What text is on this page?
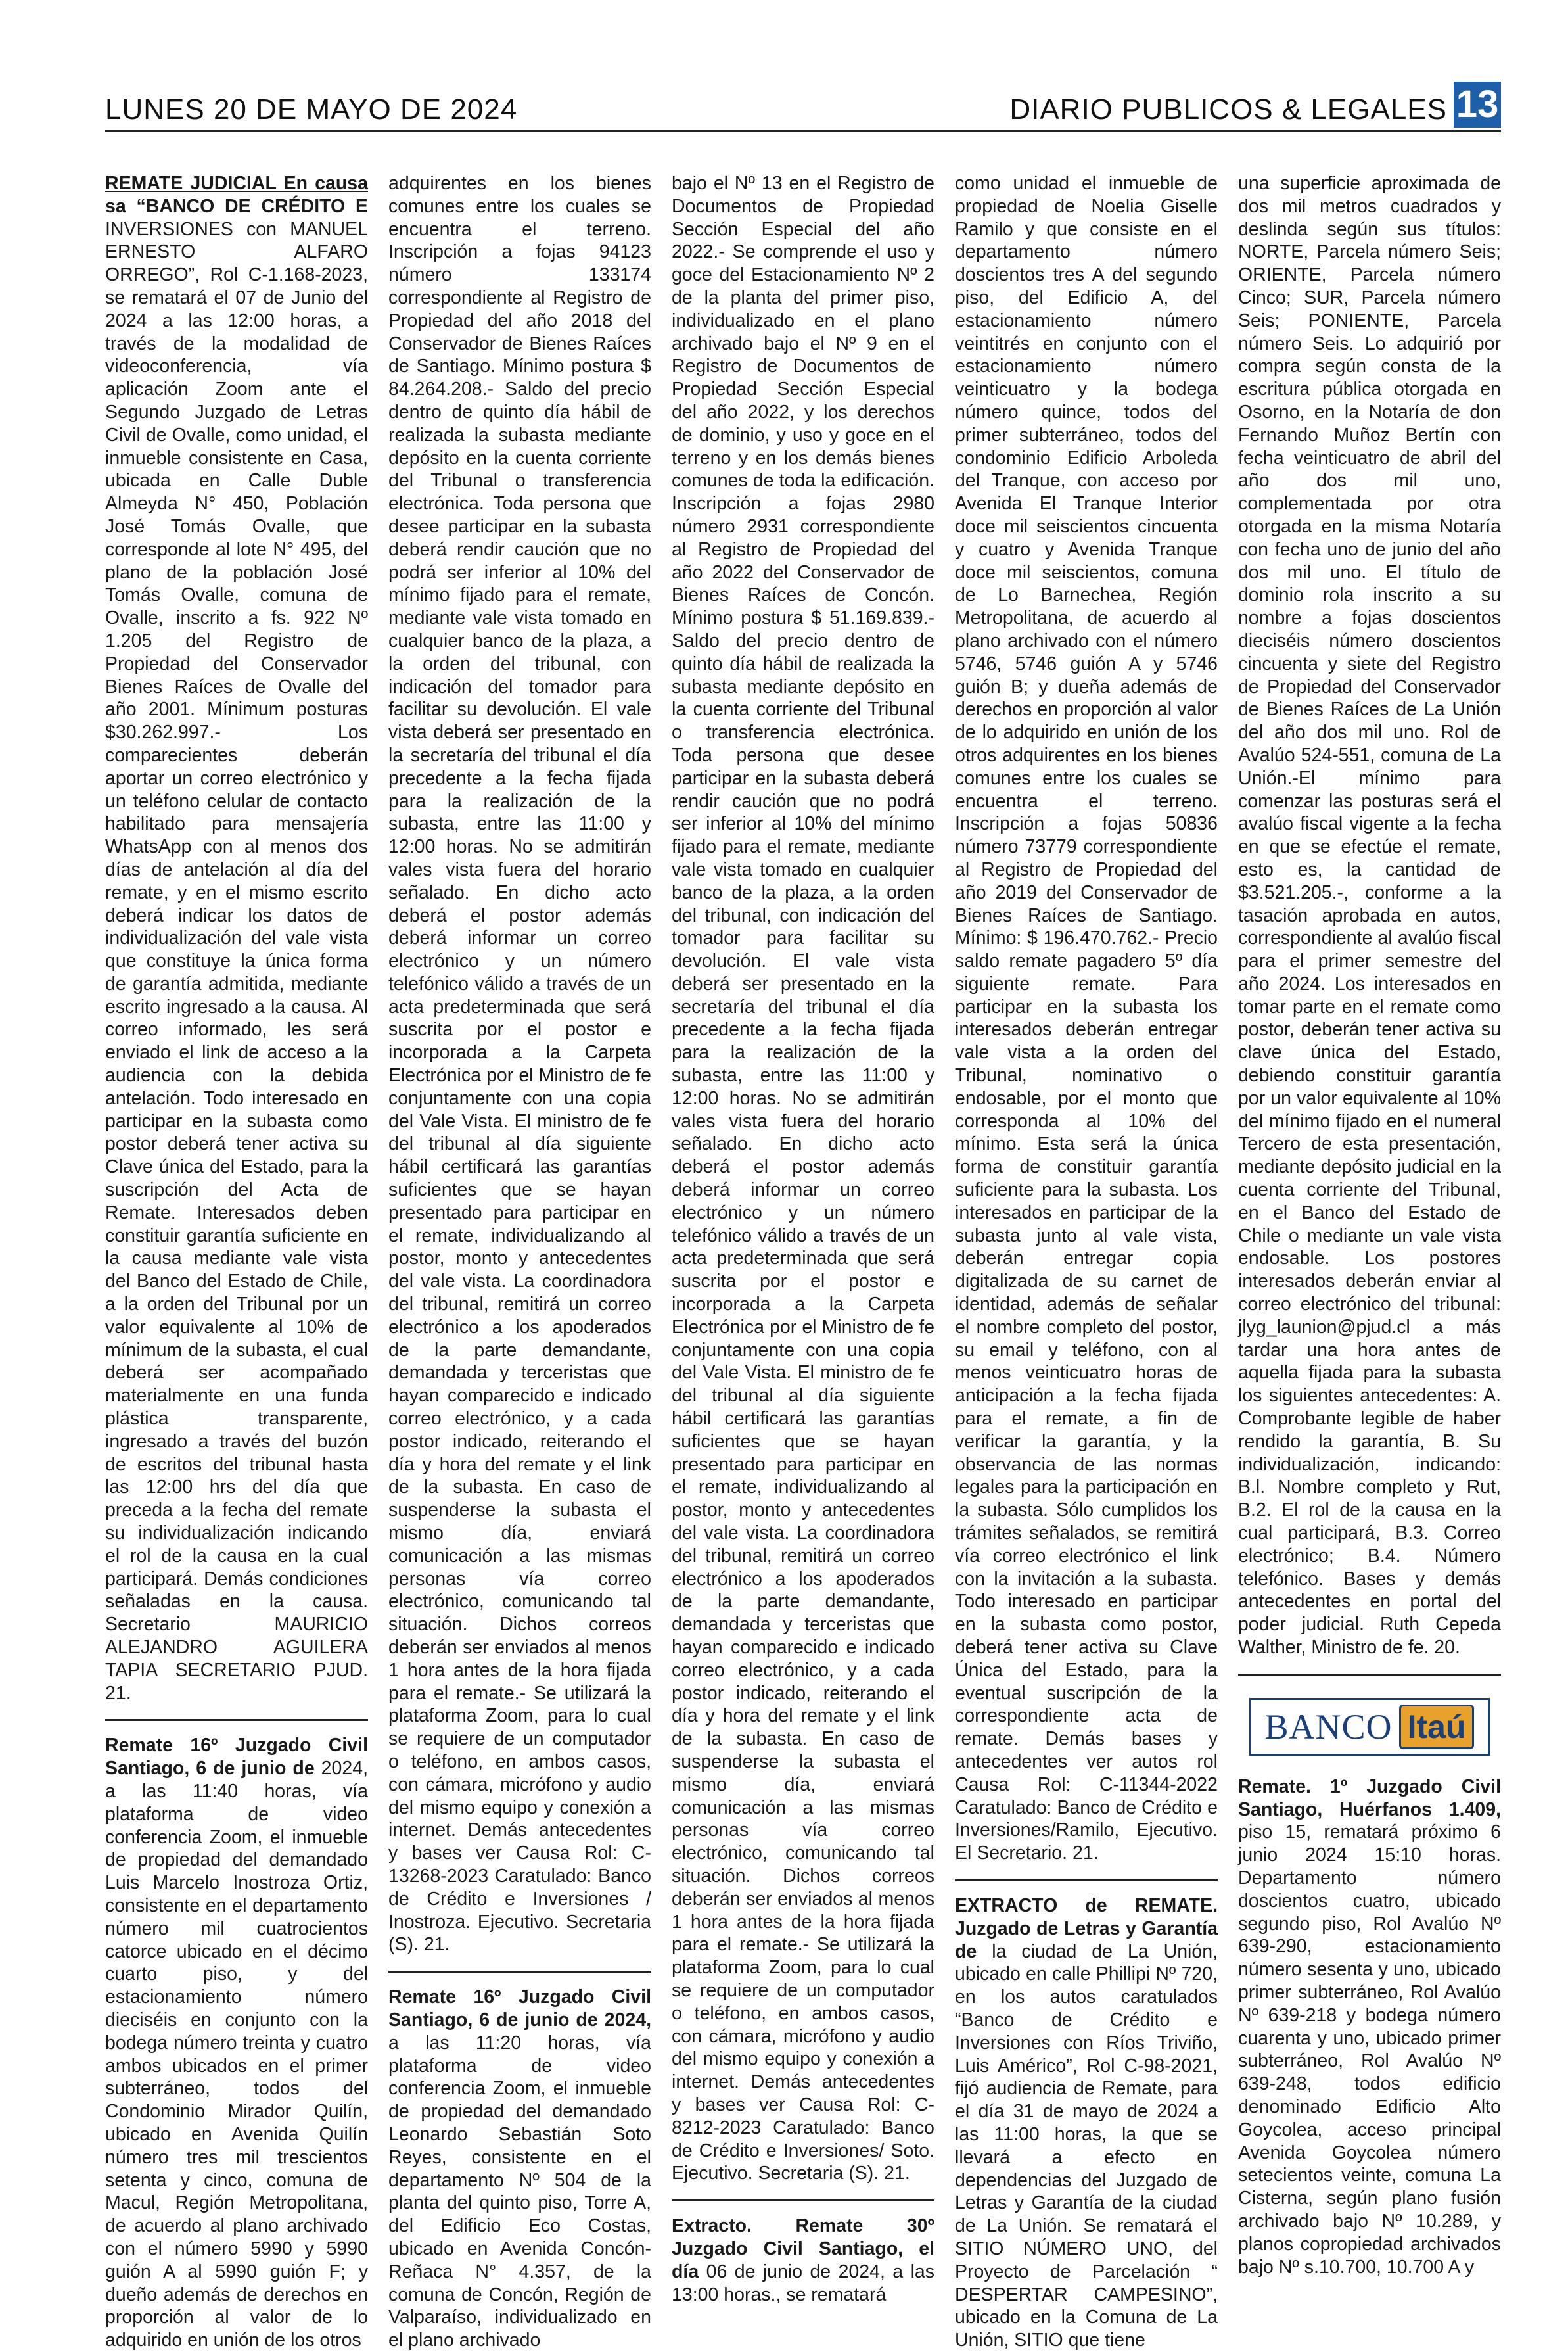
LUNES 20 DE MAYO DE 2024	DIARIO PUBLICOS & LEGALES 13

REMATE JUDICIAL En causa sa “BANCO DE CRÉDITO E INVERSIONES con MANUEL ERNESTO ALFARO ORREGO”, Rol C-1.168-2023, se rematará el 07 de Junio del 2024 a las 12:00 horas, a través de la modalidad de videoconferencia, vía aplicación Zoom ante el Segundo Juzgado de Letras Civil de Ovalle, como unidad, el inmueble consistente en Casa, ubicada en Calle Duble Almeyda N° 450, Población José Tomás Ovalle, que corresponde al lote N° 495, del plano de la población José Tomás Ovalle, comuna de Ovalle, inscrito a fs. 922 Nº 1.205 del Registro de Propiedad del Conservador Bienes Raíces de Ovalle del año 2001. Mínimum posturas $30.262.997.- Los comparecientes deberán aportar un correo electrónico y un teléfono celular de contacto habilitado para mensajería WhatsApp con al menos dos días de antelación al día del remate, y en el mismo escrito deberá indicar los datos de individualización del vale vista que constituye la única forma de garantía admitida, mediante escrito ingresado a la causa. Al correo informado, les será enviado el link de acceso a la audiencia con la debida antelación. Todo interesado en participar en la subasta como postor deberá tener activa su Clave única del Estado, para la suscripción del Acta de Remate. Interesados deben constituir garantía suficiente en la causa mediante vale vista del Banco del Estado de Chile, a la orden del Tribunal por un valor equivalente al 10% de mínimum de la subasta, el cual deberá ser acompañado materialmente en una funda plástica transparente, ingresado a través del buzón de escritos del tribunal hasta las 12:00 hrs del día que preceda a la fecha del remate su individualización indicando el rol de la causa en la cual participará. Demás condiciones señaladas en la causa. Secretario MAURICIO ALEJANDRO AGUILERA TAPIA SECRETARIO PJUD. 21.

Remate 16º Juzgado Civil Santiago, 6 de junio de 2024, a las 11:40 horas, vía plataforma de video conferencia Zoom, el inmueble de propiedad del demandado Luis Marcelo Inostroza Ortiz, consistente en el departamento número mil cuatrocientos catorce ubicado en el décimo cuarto piso, y del estacionamiento número dieciséis en conjunto con la bodega número treinta y cuatro ambos ubicados en el primer subterráneo, todos del Condominio Mirador Quilín, ubicado en Avenida Quilín número tres mil trescientos setenta y cinco, comuna de Macul, Región Metropolitana, de acuerdo al plano archivado con el número 5990 y 5990 guión A al 5990 guión F; y dueño además de derechos en proporción al valor de lo adquirido en unión de los otros

adquirentes en los bienes comunes entre los cuales se encuentra el terreno. Inscripción a fojas 94123 número 133174 correspondiente al Registro de Propiedad del año 2018 del Conservador de Bienes Raíces de Santiago. Mínimo postura $ 84.264.208.- Saldo del precio dentro de quinto día hábil de realizada la subasta mediante depósito en la cuenta corriente del Tribunal o transferencia electrónica. Toda persona que desee participar en la subasta deberá rendir caución que no podrá ser inferior al 10% del mínimo fijado para el remate, mediante vale vista tomado en cualquier banco de la plaza, a la orden del tribunal, con indicación del tomador para facilitar su devolución. El vale vista deberá ser presentado en la secretaría del tribunal el día precedente a la fecha fijada para la realización de la subasta, entre las 11:00 y 12:00 horas. No se admitirán vales vista fuera del horario señalado. En dicho acto deberá el postor además deberá informar un correo electrónico y un número telefónico válido a través de un acta predeterminada que será suscrita por el postor e incorporada a la Carpeta Electrónica por el Ministro de fe conjuntamente con una copia del Vale Vista. El ministro de fe del tribunal al día siguiente hábil certificará las garantías suficientes que se hayan presentado para participar en el remate, individualizando al postor, monto y antecedentes del vale vista. La coordinadora del tribunal, remitirá un correo electrónico a los apoderados de la parte demandante, demandada y terceristas que hayan comparecido e indicado correo electrónico, y a cada postor indicado, reiterando el día y hora del remate y el link de la subasta. En caso de suspenderse la subasta el mismo día, enviará comunicación a las mismas personas vía correo electrónico, comunicando tal situación. Dichos correos deberán ser enviados al menos 1 hora antes de la hora fijada para el remate.- Se utilizará la plataforma Zoom, para lo cual se requiere de un computador o teléfono, en ambos casos, con cámara, micrófono y audio del mismo equipo y conexión a internet. Demás antecedentes y bases ver Causa Rol: C-13268-2023 Caratulado: Banco de Crédito e Inversiones / Inostroza. Ejecutivo. Secretaria (S). 21.

Remate 16º Juzgado Civil Santiago, 6 de junio de 2024, a las 11:20 horas, vía plataforma de video conferencia Zoom, el inmueble de propiedad del demandado Leonardo Sebastián Soto Reyes, consistente en el departamento Nº 504 de la planta del quinto piso, Torre A, del Edificio Eco Costas, ubicado en Avenida Concón- Reñaca N° 4.357, de la comuna de Concón, Región de Valparaíso, individualizado en el plano archivado

bajo el Nº 13 en el Registro de Documentos de Propiedad Sección Especial del año 2022.- Se comprende el uso y goce del Estacionamiento Nº 2 de la planta del primer piso, individualizado en el plano archivado bajo el Nº 9 en el Registro de Documentos de Propiedad Sección Especial del año 2022, y los derechos de dominio, y uso y goce en el terreno y en los demás bienes comunes de toda la edificación. Inscripción a fojas 2980 número 2931 correspondiente al Registro de Propiedad del año 2022 del Conservador de Bienes Raíces de Concón. Mínimo postura $ 51.169.839.- Saldo del precio dentro de quinto día hábil de realizada la subasta mediante depósito en la cuenta corriente del Tribunal o transferencia electrónica. Toda persona que desee participar en la subasta deberá rendir caución que no podrá ser inferior al 10% del mínimo fijado para el remate, mediante vale vista tomado en cualquier banco de la plaza, a la orden del tribunal, con indicación del tomador para facilitar su devolución. El vale vista deberá ser presentado en la secretaría del tribunal el día precedente a la fecha fijada para la realización de la subasta, entre las 11:00 y 12:00 horas. No se admitirán vales vista fuera del horario señalado. En dicho acto deberá el postor además deberá informar un correo electrónico y un número telefónico válido a través de un acta predeterminada que será suscrita por el postor e incorporada a la Carpeta Electrónica por el Ministro de fe conjuntamente con una copia del Vale Vista. El ministro de fe del tribunal al día siguiente hábil certificará las garantías suficientes que se hayan presentado para participar en el remate, individualizando al postor, monto y antecedentes del vale vista. La coordinadora del tribunal, remitirá un correo electrónico a los apoderados de la parte demandante, demandada y terceristas que hayan comparecido e indicado correo electrónico, y a cada postor indicado, reiterando el día y hora del remate y el link de la subasta. En caso de suspenderse la subasta el mismo día, enviará comunicación a las mismas personas vía correo electrónico, comunicando tal situación. Dichos correos deberán ser enviados al menos 1 hora antes de la hora fijada para el remate.- Se utilizará la plataforma Zoom, para lo cual se requiere de un computador o teléfono, en ambos casos, con cámara, micrófono y audio del mismo equipo y conexión a internet. Demás antecedentes y bases ver Causa Rol: C-8212-2023 Caratulado: Banco de Crédito e Inversiones/ Soto. Ejecutivo. Secretaria (S). 21.

Extracto. Remate 30º Juzgado Civil Santiago, el día 06 de junio de 2024, a las 13:00 horas., se rematará

como unidad el inmueble de propiedad de Noelia Giselle Ramilo y que consiste en el departamento número doscientos tres A del segundo piso, del Edificio A, del estacionamiento número veintitrés en conjunto con el estacionamiento número veinticuatro y la bodega número quince, todos del primer subterráneo, todos del condominio Edificio Arboleda del Tranque, con acceso por Avenida El Tranque Interior doce mil seiscientos cincuenta y cuatro y Avenida Tranque doce mil seiscientos, comuna de Lo Barnechea, Región Metropolitana, de acuerdo al plano archivado con el número 5746, 5746 guión A y 5746 guión B; y dueña además de derechos en proporción al valor de lo adquirido en unión de los otros adquirentes en los bienes comunes entre los cuales se encuentra el terreno. Inscripción a fojas 50836 número 73779 correspondiente al Registro de Propiedad del año 2019 del Conservador de Bienes Raíces de Santiago. Mínimo: $ 196.470.762.- Precio saldo remate pagadero 5º día siguiente remate. Para participar en la subasta los interesados deberán entregar vale vista a la orden del Tribunal, nominativo o endosable, por el monto que corresponda al 10% del mínimo. Esta será la única forma de constituir garantía suficiente para la subasta. Los interesados en participar de la subasta junto al vale vista, deberán entregar copia digitalizada de su carnet de identidad, además de señalar el nombre completo del postor, su email y teléfono, con al menos veinticuatro horas de anticipación a la fecha fijada para el remate, a fin de verificar la garantía, y la observancia de las normas legales para la participación en la subasta. Sólo cumplidos los trámites señalados, se remitirá vía correo electrónico el link con la invitación a la subasta. Todo interesado en participar en la subasta como postor, deberá tener activa su Clave Única del Estado, para la eventual suscripción de la correspondiente acta de remate. Demás bases y antecedentes ver autos rol Causa Rol: C-11344-2022 Caratulado: Banco de Crédito e Inversiones/Ramilo, Ejecutivo. El Secretario. 21.

EXTRACTO de REMATE. Juzgado de Letras y Garantía de la ciudad de La Unión, ubicado en calle Phillipi Nº 720, en los autos caratulados “Banco de Crédito e Inversiones con Ríos Triviño, Luis Américo”, Rol C-98-2021, fijó audiencia de Remate, para el día 31 de mayo de 2024 a las 11:00 horas, la que se llevará a efecto en dependencias del Juzgado de Letras y Garantía de la ciudad de La Unión. Se rematará el SITIO NÚMERO UNO, del Proyecto de Parcelación “ DESPERTAR CAMPESINO”, ubicado en la Comuna de La Unión, SITIO que tiene

una superficie aproximada de dos mil metros cuadrados y deslinda según sus títulos: NORTE, Parcela número Seis; ORIENTE, Parcela número Cinco; SUR, Parcela número Seis; PONIENTE, Parcela número Seis. Lo adquirió por compra según consta de la escritura pública otorgada en Osorno, en la Notaría de don Fernando Muñoz Bertín con fecha veinticuatro de abril del año dos mil uno, complementada por otra otorgada en la misma Notaría con fecha uno de junio del año dos mil uno. El título de dominio rola inscrito a su nombre a fojas doscientos dieciséis número doscientos cincuenta y siete del Registro de Propiedad del Conservador de Bienes Raíces de La Unión del año dos mil uno. Rol de Avalúo 524-551, comuna de La Unión.-El mínimo para comenzar las posturas será el avalúo fiscal vigente a la fecha en que se efectúe el remate, esto es, la cantidad de $3.521.205.-, conforme a la tasación aprobada en autos, correspondiente al avalúo fiscal para el primer semestre del año 2024. Los interesados en tomar parte en el remate como postor, deberán tener activa su clave única del Estado, debiendo constituir garantía por un valor equivalente al 10% del mínimo fijado en el numeral Tercero de esta presentación, mediante depósito judicial en la cuenta corriente del Tribunal, en el Banco del Estado de Chile o mediante un vale vista endosable. Los postores interesados deberán enviar al correo electrónico del tribunal: jlyg_launion@pjud.cl a más tardar una hora antes de aquella fijada para la subasta los siguientes antecedentes: A. Comprobante legible de haber rendido la garantía, B. Su individualización, indicando: B.l. Nombre completo y Rut, B.2. El rol de la causa en la cual participará, B.3. Correo electrónico; B.4. Número telefónico. Bases y demás antecedentes en portal del poder judicial. Ruth Cepeda Walther, Ministro de fe. 20.

BANCO Itaú

Remate. 1º Juzgado Civil Santiago, Huérfanos 1.409, piso 15, rematará próximo 6 junio 2024 15:10 horas. Departamento número doscientos cuatro, ubicado segundo piso, Rol Avalúo Nº 639-290, estacionamiento número sesenta y uno, ubicado primer subterráneo, Rol Avalúo Nº 639-218 y bodega número cuarenta y uno, ubicado primer subterráneo, Rol Avalúo Nº 639-248, todos edificio denominado Edificio Alto Goycolea, acceso principal Avenida Goycolea número setecientos veinte, comuna La Cisterna, según plano fusión archivado bajo Nº 10.289, y planos copropiedad archivados bajo Nº s.10.700, 10.700 A y
